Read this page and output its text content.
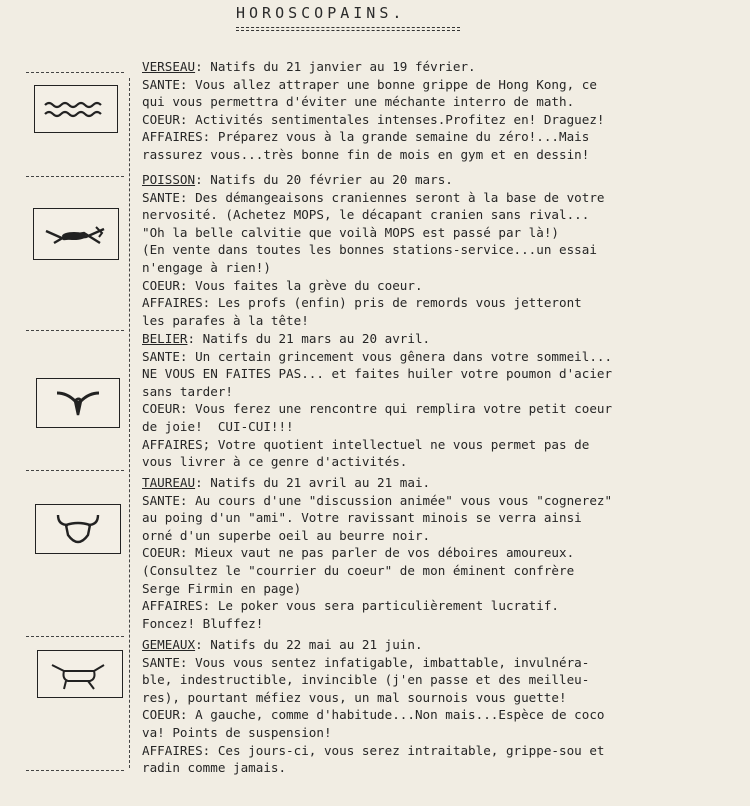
HOROSCOPAINS.
VERSEAU: Natifs du 21 janvier au 19 février.
SANTE: Vous allez attraper une bonne grippe de Hong Kong, ce
qui vous permettra d'éviter une méchante interro de math.
COEUR: Activités sentimentales intenses.Profitez en! Draguez!
AFFAIRES: Préparez vous à la grande semaine du zéro!...Mais
rassurez vous...très bonne fin de mois en gym et en dessin!
POISSON: Natifs du 20 février au 20 mars.
SANTE: Des démangeaisons craniennes seront à la base de votre
nervosité. (Achetez MOPS, le décapant cranien sans rival...
"Oh la belle calvitie que voilà MOPS est passé par là!)
(En vente dans toutes les bonnes stations-service...un essai
n'engage à rien!)
COEUR: Vous faites la grève du coeur.
AFFAIRES: Les profs (enfin) pris de remords vous jetteront
les parafes à la tête!
BELIER: Natifs du 21 mars au 20 avril.
SANTE: Un certain grincement vous gênera dans votre sommeil...
NE VOUS EN FAITES PAS... et faites huiler votre poumon d'acier
sans tarder!
COEUR: Vous ferez une rencontre qui remplira votre petit coeur
de joie!  CUI-CUI!!!
AFFAIRES; Votre quotient intellectuel ne vous permet pas de
vous livrer à ce genre d'activités.
TAUREAU: Natifs du 21 avril au 21 mai.
SANTE: Au cours d'une "discussion animée" vous vous "cognerez"
au poing d'un "ami". Votre ravissant minois se verra ainsi
orné d'un superbe oeil au beurre noir.
COEUR: Mieux vaut ne pas parler de vos déboires amoureux.
(Consultez le "courrier du coeur" de mon éminent confrère
Serge Firmin en page)
AFFAIRES: Le poker vous sera particulièrement lucratif.
Foncez! Bluffez!
GEMEAUX: Natifs du 22 mai au 21 juin.
SANTE: Vous vous sentez infatigable, imbattable, invulnéra-
ble, indestructible, invincible (j'en passe et des meilleu-
res), pourtant méfiez vous, un mal sournois vous guette!
COEUR: A gauche, comme d'habitude...Non mais...Espèce de coco
va! Points de suspension!
AFFAIRES: Ces jours-ci, vous serez intraitable, grippe-sou et
radin comme jamais.
